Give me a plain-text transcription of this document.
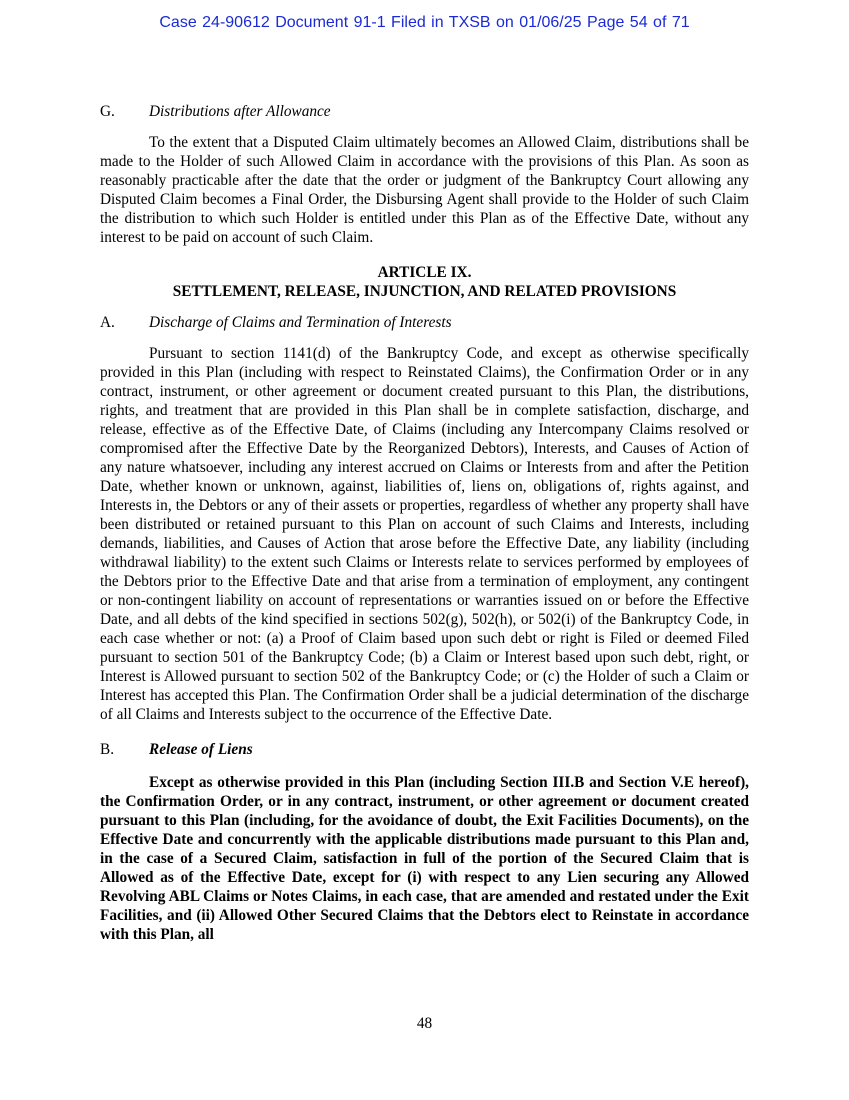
Case 24-90612 Document 91-1 Filed in TXSB on 01/06/25 Page 54 of 71
G.	Distributions after Allowance

To the extent that a Disputed Claim ultimately becomes an Allowed Claim, distributions shall be made to the Holder of such Allowed Claim in accordance with the provisions of this Plan. As soon as reasonably practicable after the date that the order or judgment of the Bankruptcy Court allowing any Disputed Claim becomes a Final Order, the Disbursing Agent shall provide to the Holder of such Claim the distribution to which such Holder is entitled under this Plan as of the Effective Date, without any interest to be paid on account of such Claim.

ARTICLE IX.
SETTLEMENT, RELEASE, INJUNCTION, AND RELATED PROVISIONS
A.	Discharge of Claims and Termination of Interests

Pursuant to section 1141(d) of the Bankruptcy Code, and except as otherwise specifically provided in this Plan (including with respect to Reinstated Claims), the Confirmation Order or in any contract, instrument, or other agreement or document created pursuant to this Plan, the distributions, rights, and treatment that are provided in this Plan shall be in complete satisfaction, discharge, and release, effective as of the Effective Date, of Claims (including any Intercompany Claims resolved or compromised after the Effective Date by the Reorganized Debtors), Interests, and Causes of Action of any nature whatsoever, including any interest accrued on Claims or Interests from and after the Petition Date, whether known or unknown, against, liabilities of, liens on, obligations of, rights against, and Interests in, the Debtors or any of their assets or properties, regardless of whether any property shall have been distributed or retained pursuant to this Plan on account of such Claims and Interests, including demands, liabilities, and Causes of Action that arose before the Effective Date, any liability (including withdrawal liability) to the extent such Claims or Interests relate to services performed by employees of the Debtors prior to the Effective Date and that arise from a termination of employment, any contingent or non-contingent liability on account of representations or warranties issued on or before the Effective Date, and all debts of the kind specified in sections 502(g), 502(h), or 502(i) of the Bankruptcy Code, in each case whether or not: (a) a Proof of Claim based upon such debt or right is Filed or deemed Filed pursuant to section 501 of the Bankruptcy Code; (b) a Claim or Interest based upon such debt, right, or Interest is Allowed pursuant to section 502 of the Bankruptcy Code; or (c) the Holder of such a Claim or Interest has accepted this Plan. The Confirmation Order shall be a judicial determination of the discharge of all Claims and Interests subject to the occurrence of the Effective Date.

B.	Release of Liens

Except as otherwise provided in this Plan (including Section III.B and Section V.E hereof), the Confirmation Order, or in any contract, instrument, or other agreement or document created pursuant to this Plan (including, for the avoidance of doubt, the Exit Facilities Documents), on the Effective Date and concurrently with the applicable distributions made pursuant to this Plan and, in the case of a Secured Claim, satisfaction in full of the portion of the Secured Claim that is Allowed as of the Effective Date, except for (i) with respect to any Lien securing any Allowed Revolving ABL Claims or Notes Claims, in each case, that are amended and restated under the Exit Facilities, and (ii) Allowed Other Secured Claims that the Debtors elect to Reinstate in accordance with this Plan, all

48
